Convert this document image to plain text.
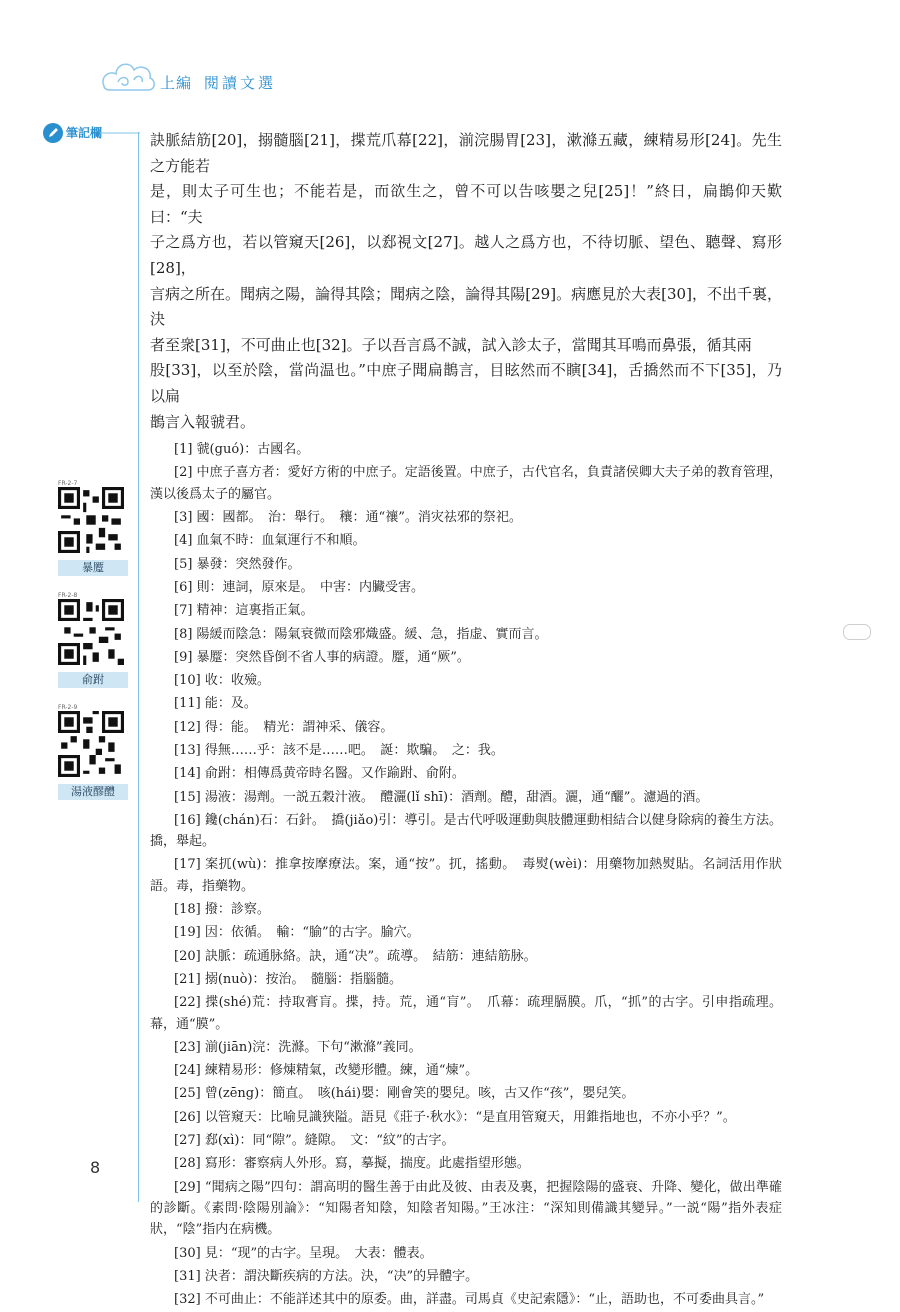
上編 閱讀文選
筆記欄
FR-2-7
暴蹷
FR-2-8
俞跗
FR-2-9
湯液醪醴
訣脈結筋[20]，搦髓腦[21]，揲荒爪幕[22]，湔浣腸胃[23]，漱滌五藏，練精易形[24]。先生之方能若
是，則太子可生也；不能若是，而欲生之，曾不可以告咳嬰之兒[25]！”終日，扁鵲仰天歎曰：“夫
子之爲方也，若以管窺天[26]，以郄視文[27]。越人之爲方也，不待切脈、望色、聽聲、寫形[28]，
言病之所在。聞病之陽，論得其陰；聞病之陰，論得其陽[29]。病應見於大表[30]，不出千裏，決
者至衆[31]，不可曲止也[32]。子以吾言爲不誠，試入診太子，當聞其耳鳴而鼻張，循其兩
股[33]，以至於陰，當尚温也。”中庶子聞扁鵲言，目眩然而不瞚[34]，舌撟然而不下[35]，乃以扁
鵲言入報虢君。

[1] 虢(guó)：古國名。

[2] 中庶子喜方者：愛好方術的中庶子。定語後置。中庶子，古代官名，負責諸侯卿大夫子弟的教育管理，漢以後爲太子的屬官。

[3] 國：國都。　治：舉行。　穰：通“禳”。消灾祛邪的祭祀。

[4] 血氣不時：血氣運行不和順。

[5] 暴發：突然發作。

[6] 則：連詞，原來是。　中害：内臟受害。

[7] 精神：這裏指正氣。

[8] 陽緩而陰急：陽氣衰微而陰邪熾盛。緩、急，指虚、實而言。

[9] 暴蹷：突然昏倒不省人事的病證。蹷，通“厥”。

[10] 收：收殮。

[11] 能：及。

[12] 得：能。　精光：謂神采、儀容。

[13] 得無……乎：該不是……吧。　誕：欺騙。　之：我。

[14] 俞跗：相傳爲黄帝時名醫。又作踰跗、俞附。

[15] 湯液：湯劑。一説五穀汁液。　醴灑(lǐ shī)：酒劑。醴，甜酒。灑，通“釃”。濾過的酒。

[16] 鑱(chán)石：石針。　撟(jiǎo)引：導引。是古代呼吸運動與肢體運動相結合以健身除病的養生方法。撟，舉起。

[17] 案扤(wù)：推拿按摩療法。案，通“按”。扤，搖動。　毒熨(wèi)：用藥物加熱熨貼。名詞活用作狀語。毒，指藥物。

[18] 撥：診察。

[19] 因：依循。　輸：“腧”的古字。腧穴。

[20] 訣脈：疏通脉絡。訣，通“决”。疏導。　結筋：連結筋脉。

[21] 搦(nuò)：按治。　髓腦：指腦髓。

[22] 揲(shé)荒：持取膏肓。揲，持。荒，通“肓”。　爪幕：疏理膈膜。爪，“抓”的古字。引申指疏理。幕，通“膜”。

[23] 湔(jiān)浣：洗滌。下句“漱滌”義同。

[24] 練精易形：修煉精氣，改變形體。練，通“煉”。

[25] 曾(zēng)：簡直。　咳(hái)嬰：剛會笑的嬰兒。咳，古又作“孩”，嬰兒笑。

[26] 以管窺天：比喻見識狹隘。語見《莊子·秋水》：“是直用管窺天，用錐指地也，不亦小乎？”。

[27] 郄(xì)：同“隙”。縫隙。　文：“紋”的古字。

[28] 寫形：審察病人外形。寫，摹擬，揣度。此處指望形態。

[29] “聞病之陽”四句：謂高明的醫生善于由此及彼、由表及裏，把握陰陽的盛衰、升降、變化，做出準確的診斷。《素問·陰陽別論》：“知陽者知陰，知陰者知陽。”王冰注：“深知則備識其變异。”一説“陽”指外表症狀，“陰”指内在病機。

[30] 見：“现”的古字。呈現。　大表：體表。

[31] 決者：謂決斷疾病的方法。決，“决”的异體字。

[32] 不可曲止：不能詳述其中的原委。曲，詳盡。司馬貞《史記索隱》：“止，語助也，不可委曲具言。”

8
